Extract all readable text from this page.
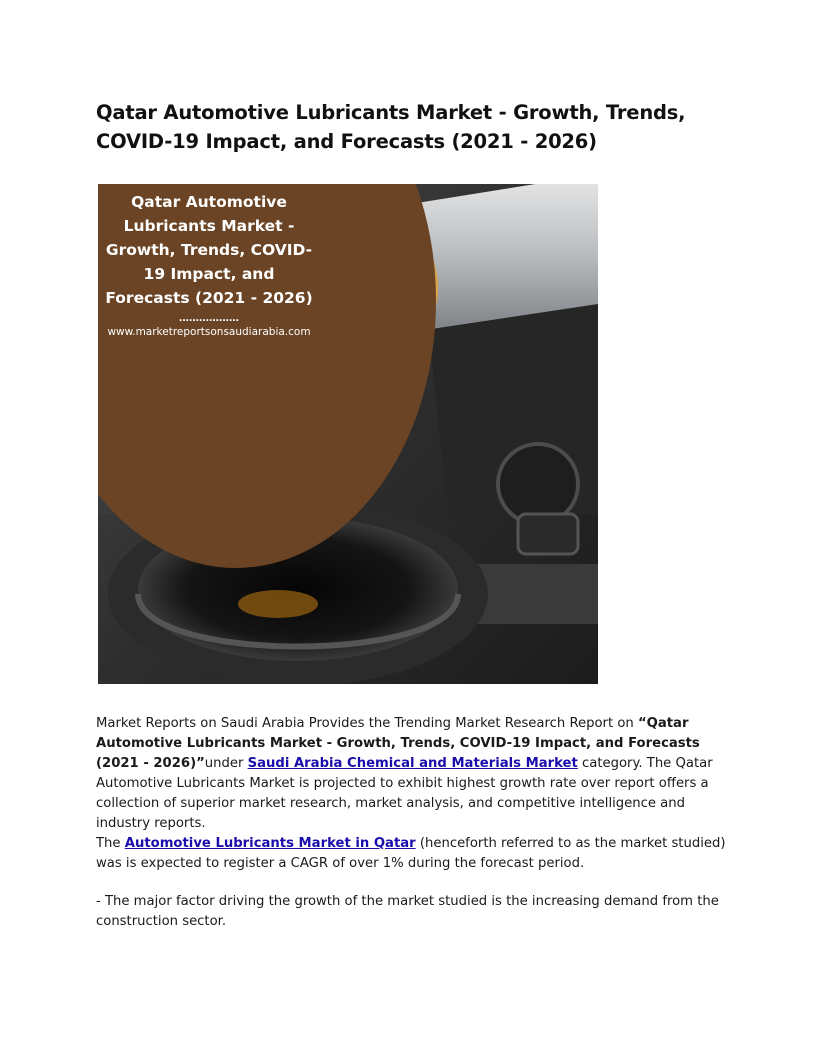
Qatar Automotive Lubricants Market - Growth, Trends, COVID-19 Impact, and Forecasts (2021 - 2026)
Qatar Automotive Lubricants Market - Growth, Trends, COVID-19 Impact, and Forecasts (2021 - 2026)
..................
www.marketreportsonsaudiarabia.com

Market Reports on Saudi Arabia Provides the Trending Market Research Report on “Qatar Automotive Lubricants Market - Growth, Trends, COVID-19 Impact, and Forecasts (2021 - 2026)”under Saudi Arabia Chemical and Materials Market category. The Qatar Automotive Lubricants Market is projected to exhibit highest growth rate over report offers a collection of superior market research, market analysis, and competitive intelligence and industry reports.

The Automotive Lubricants Market in Qatar (henceforth referred to as the market studied) was is expected to register a CAGR of over 1% during the forecast period.

- The major factor driving the growth of the market studied is the increasing demand from the construction sector.
